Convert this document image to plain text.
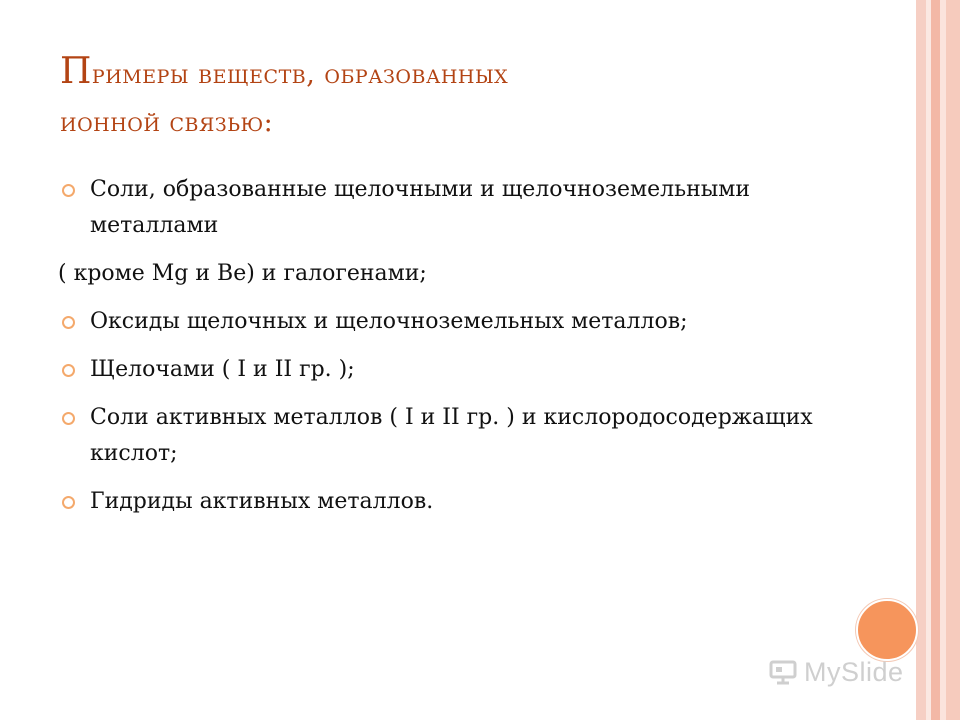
Примеры веществ, образованных
ионной связью:
Соли, образованные щелочными и щелочноземельными металлами
( кроме Mg и Be) и галогенами;
Оксиды щелочных и щелочноземельных металлов;
Щелочами ( I и II гр. );
Соли активных металлов ( I и II гр. ) и кислородосодержащих кислот;
Гидриды активных металлов.
MySlide
